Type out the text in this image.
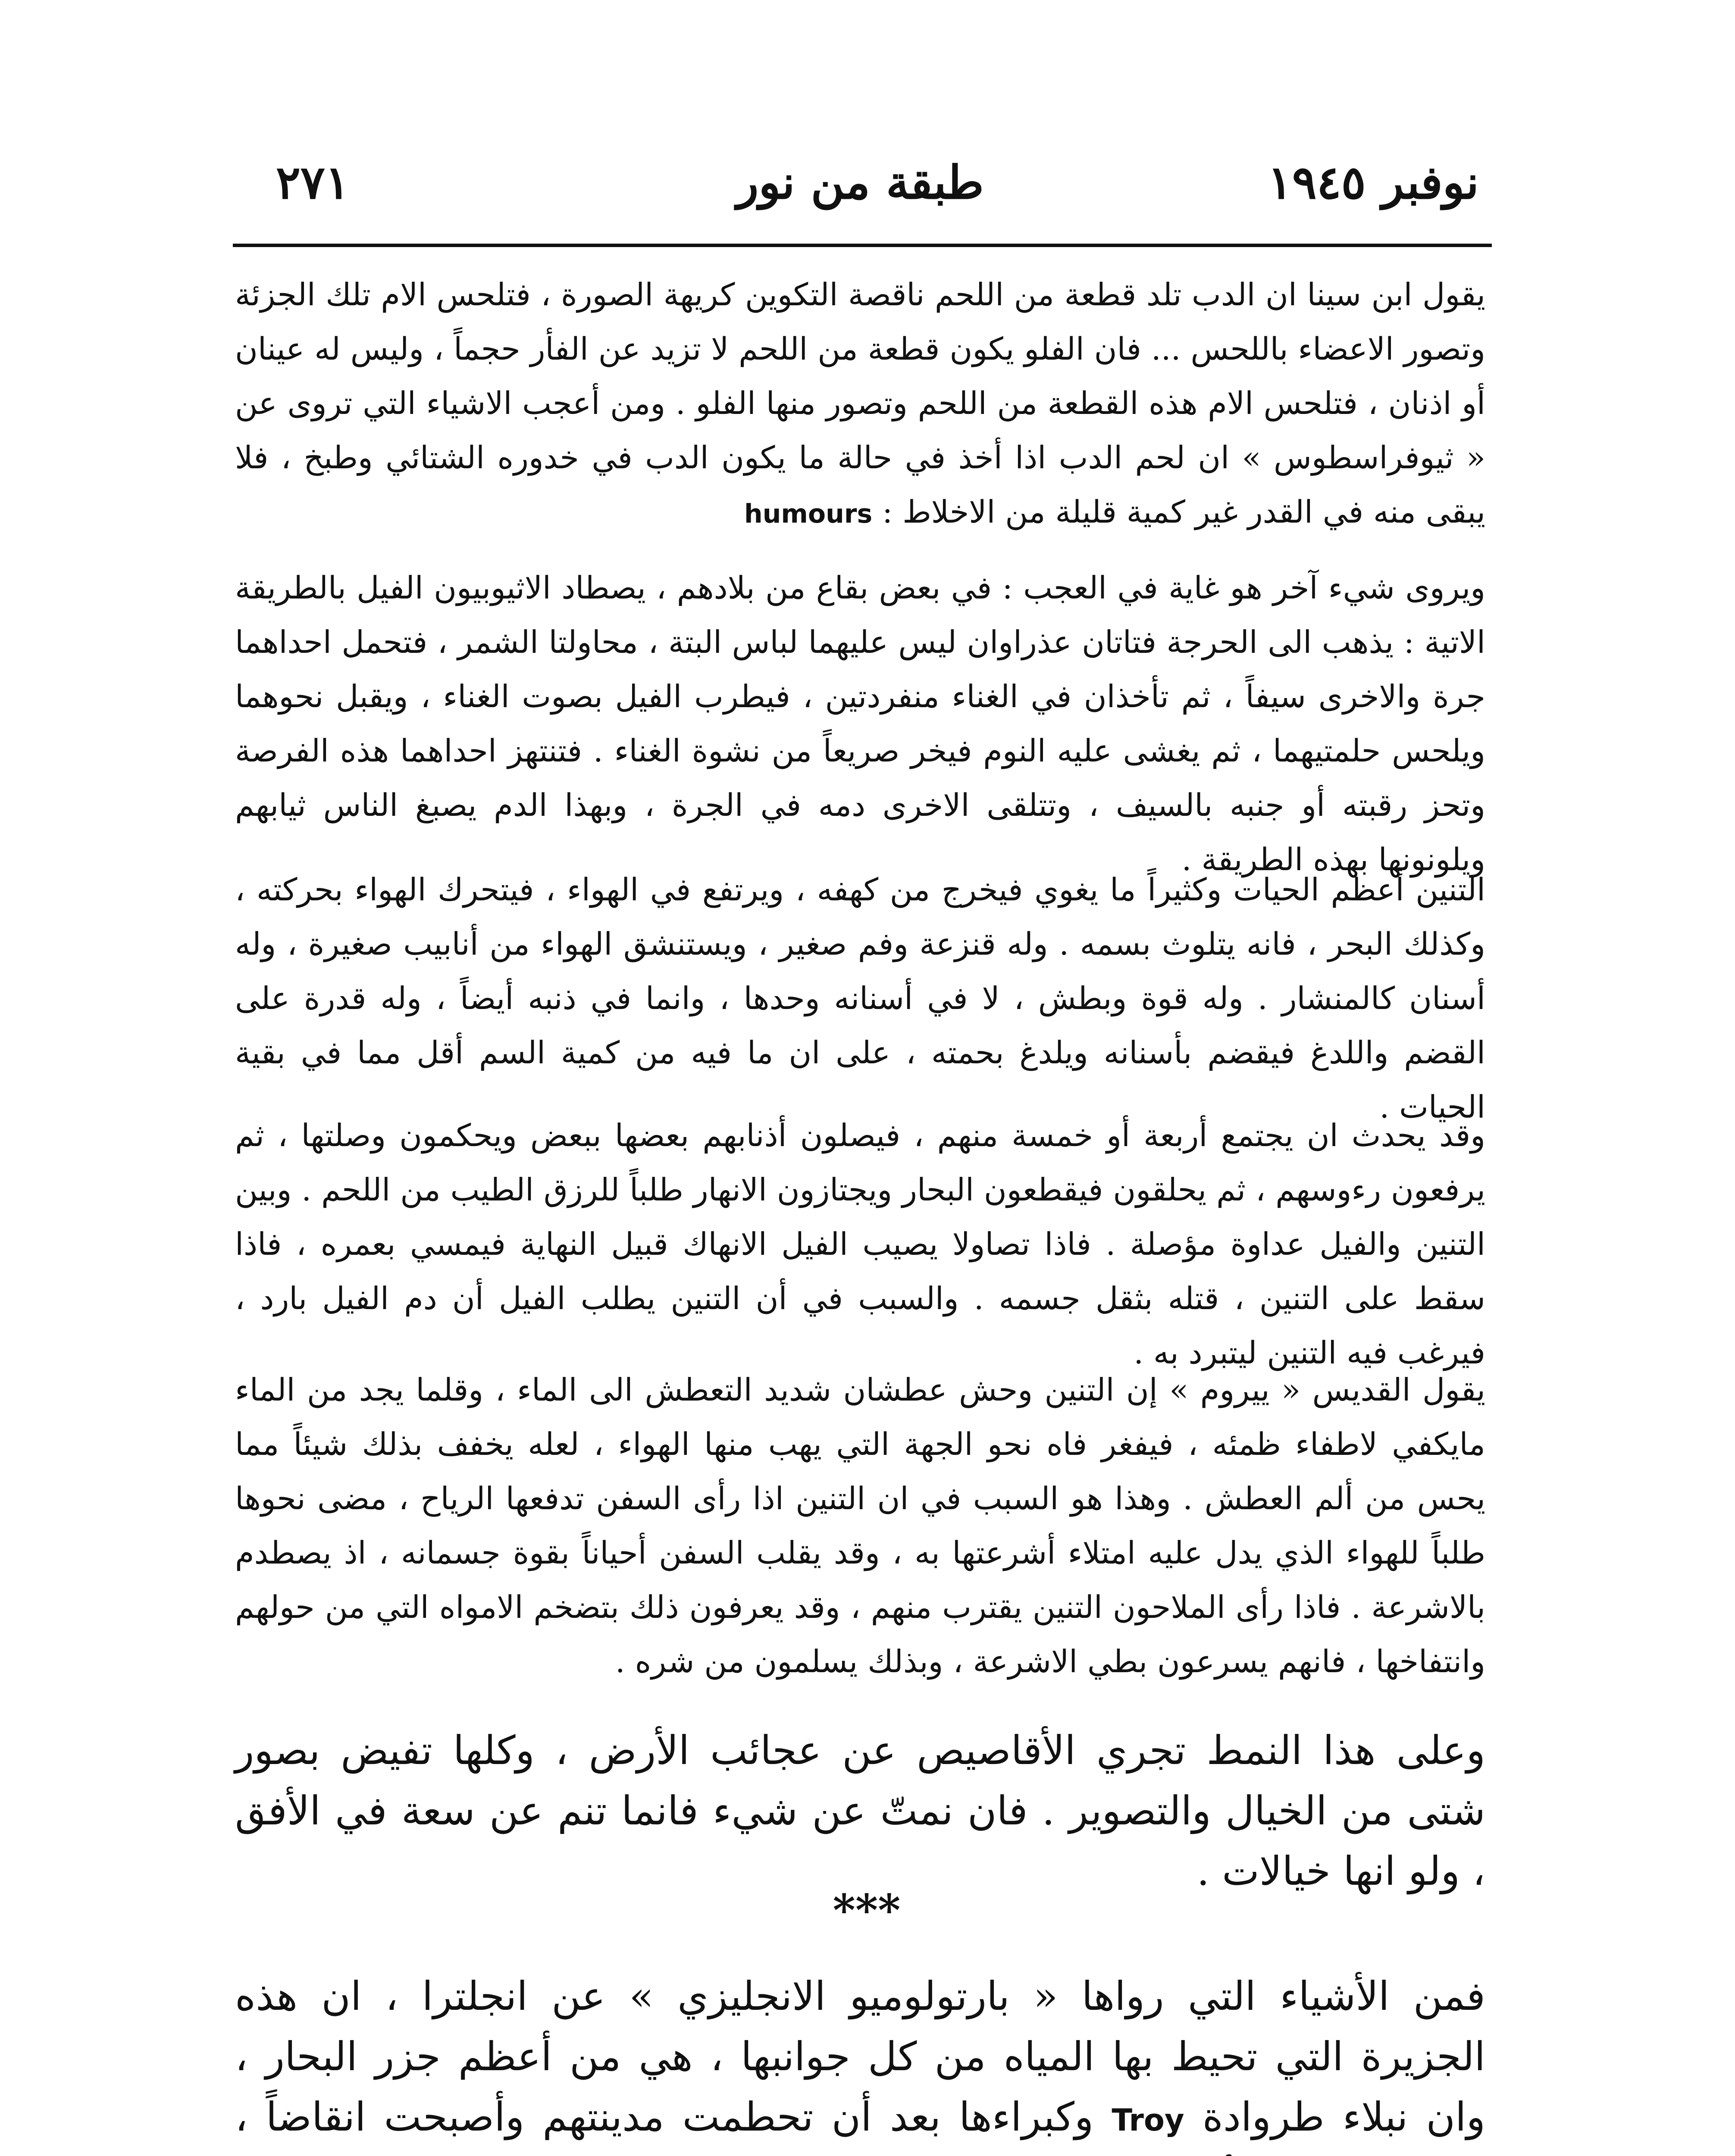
نوفبر ١٩٤٥
طبقة من نور
٢٧١

يقول ابن سينا ان الدب تلد قطعة من اللحم ناقصة التكوين كريهة الصورة ، فتلحس الام تلك الجزئة وتصور الاعضاء باللحس ... فان الفلو يكون قطعة من اللحم لا تزيد عن الفأر حجماً ، وليس له عينان أو اذنان ، فتلحس الام هذه القطعة من اللحم وتصور منها الفلو . ومن أعجب الاشياء التي تروى عن « ثيوفراسطوس » ان لحم الدب اذا أخذ في حالة ما يكون الدب في خدوره الشتائي وطبخ ، فلا يبقى منه في القدر غير كمية قليلة من الاخلاط : humours

ويروى شيء آخر هو غاية في العجب : في بعض بقاع من بلادهم ، يصطاد الاثيوبيون الفيل بالطريقة الاتية : يذهب الى الحرجة فتاتان عذراوان ليس عليهما لباس البتة ، محاولتا الشمر ، فتحمل احداهما جرة والاخرى سيفاً ، ثم تأخذان في الغناء منفردتين ، فيطرب الفيل بصوت الغناء ، ويقبل نحوهما ويلحس حلمتيهما ، ثم يغشى عليه النوم فيخر صريعاً من نشوة الغناء . فتنتهز احداهما هذه الفرصة وتحز رقبته أو جنبه بالسيف ، وتتلقى الاخرى دمه في الجرة ، وبهذا الدم يصبغ الناس ثيابهم ويلونونها بهذه الطريقة .

التنين أعظم الحيات وكثيراً ما يغوي فيخرج من كهفه ، ويرتفع في الهواء ، فيتحرك الهواء بحركته ، وكذلك البحر ، فانه يتلوث بسمه . وله قنزعة وفم صغير ، ويستنشق الهواء من أنابيب صغيرة ، وله أسنان كالمنشار . وله قوة وبطش ، لا في أسنانه وحدها ، وانما في ذنبه أيضاً ، وله قدرة على القضم واللدغ فيقضم بأسنانه ويلدغ بحمته ، على ان ما فيه من كمية السم أقل مما في بقية الحيات .

وقد يحدث ان يجتمع أربعة أو خمسة منهم ، فيصلون أذنابهم بعضها ببعض ويحكمون وصلتها ، ثم يرفعون رءوسهم ، ثم يحلقون فيقطعون البحار ويجتازون الانهار طلباً للرزق الطيب من اللحم . وبين التنين والفيل عداوة مؤصلة . فاذا تصاولا يصيب الفيل الانهاك قبيل النهاية فيمسي بعمره ، فاذا سقط على التنين ، قتله بثقل جسمه . والسبب في أن التنين يطلب الفيل أن دم الفيل بارد ، فيرغب فيه التنين ليتبرد به .

يقول القديس « ييروم » إن التنين وحش عطشان شديد التعطش الى الماء ، وقلما يجد من الماء مايكفي لاطفاء ظمئه ، فيفغر فاه نحو الجهة التي يهب منها الهواء ، لعله يخفف بذلك شيئاً مما يحس من ألم العطش . وهذا هو السبب في ان التنين اذا رأى السفن تدفعها الرياح ، مضى نحوها طلباً للهواء الذي يدل عليه امتلاء أشرعتها به ، وقد يقلب السفن أحياناً بقوة جسمانه ، اذ يصطدم بالاشرعة . فاذا رأى الملاحون التنين يقترب منهم ، وقد يعرفون ذلك بتضخم الامواه التي من حولهم وانتفاخها ، فانهم يسرعون بطي الاشرعة ، وبذلك يسلمون من شره .

وعلى هذا النمط تجري الأقاصيص عن عجائب الأرض ، وكلها تفيض بصور شتى من الخيال والتصوير . فان نمتّ عن شيء فانما تنم عن سعة في الأفق ، ولو انها خيالات .

***

فمن الأشياء التي رواها « بارتولوميو الانجليزي » عن انجلترا ، ان هذه الجزيرة التي تحيط بها المياه من كل جوانبها ، هي من أعظم جزر البحار ، وان نبلاء طروادة Troy وكبراءها بعد أن تحطمت مدينتهم وأصبحت انقاضاً ،
